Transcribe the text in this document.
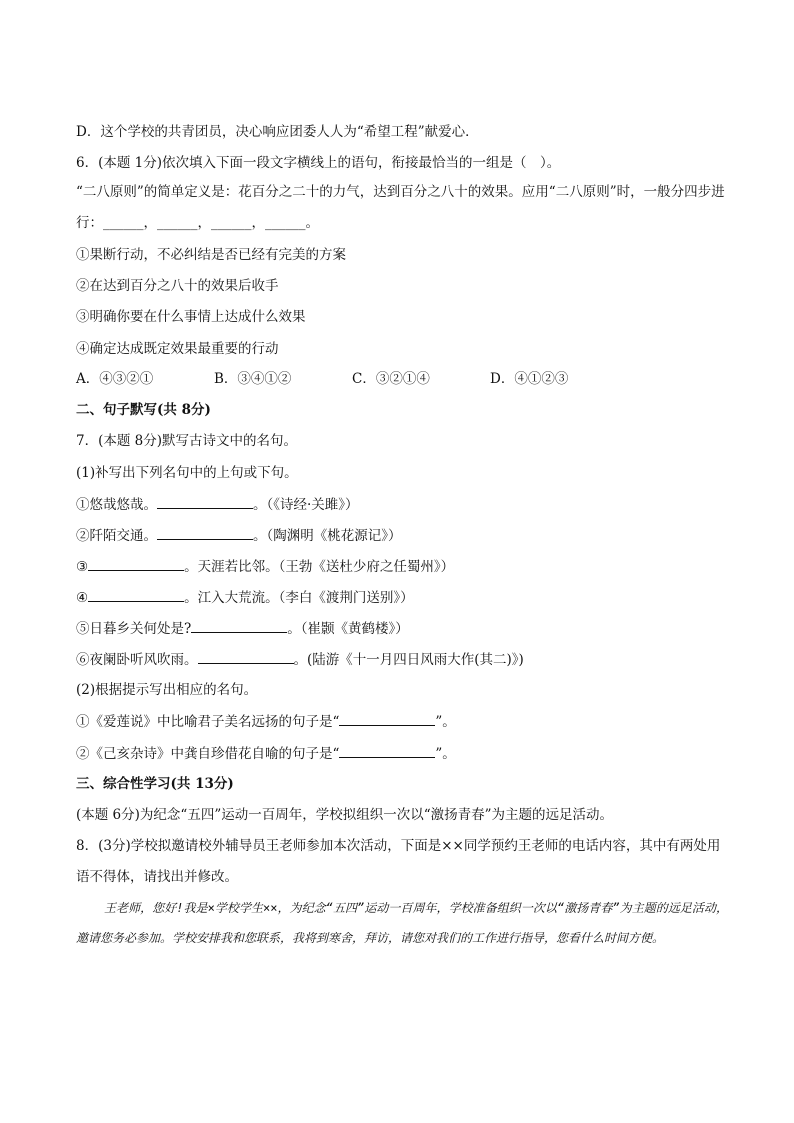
D．这个学校的共青团员，决心响应团委人人为“希望工程”献爱心．
6．(本题 1分)依次填入下面一段文字横线上的语句，衔接最恰当的一组是（　）。
“二八原则”的简单定义是：花百分之二十的力气，达到百分之八十的效果。应用“二八原则”时，一般分四步进行：______，______，______，______。
①果断行动，不必纠结是否已经有完美的方案
②在达到百分之八十的效果后收手
③明确你要在什么事情上达成什么效果
④确定达成既定效果最重要的行动
A．④③②①	B．③④①②	C．③②①④	D．④①②③
二、句子默写(共 8分)
7．(本题 8分)默写古诗文中的名句。
(1)补写出下列名句中的上句或下句。
①悠哉悠哉。	。（《诗经·关雎》）
②阡陌交通。	。（陶渊明《桃花源记》）
③	。天涯若比邻。（王勃《送杜少府之任蜀州》）
④	。江入大荒流。（李白《渡荆门送别》）
⑤日暮乡关何处是?	。（崔颢《黄鹤楼》）
⑥夜阑卧听风吹雨。	。(陆游《十一月四日风雨大作(其二)》)
(2)根据提示写出相应的名句。
①《爱莲说》中比喻君子美名远扬的句子是“	”。
②《己亥杂诗》中龚自珍借花自喻的句子是“	”。
三、综合性学习(共 13分)
(本题 6分)为纪念“五四”运动一百周年，学校拟组织一次以“激扬青春”为主题的远足活动。
8．(3分)学校拟邀请校外辅导员王老师参加本次活动，下面是××同学预约王老师的电话内容，其中有两处用语不得体，请找出并修改。
王老师，您好!我是×学校学生××，为纪念“五四”运动一百周年，学校准备组织一次以“激扬青春”为主题的远足活动，邀请您务必参加。学校安排我和您联系，我将到寒舍，拜访，请您对我们的工作进行指导，您看什么时间方便。
